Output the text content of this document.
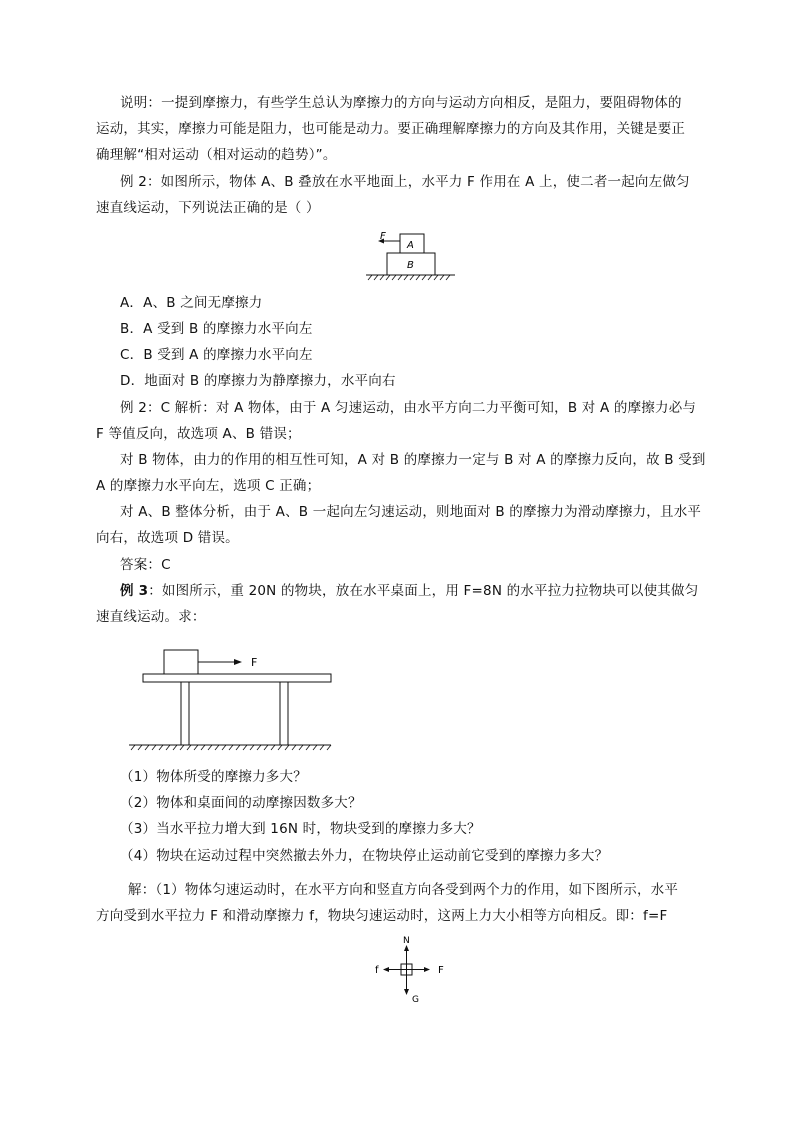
说明：一提到摩擦力，有些学生总认为摩擦力的方向与运动方向相反，是阻力，要阻碍物体的
运动，其实，摩擦力可能是阻力，也可能是动力。要正确理解摩擦力的方向及其作用，关键是要正
确理解“相对运动（相对运动的趋势）”。
例 2：如图所示，物体 A、B 叠放在水平地面上，水平力 F 作用在 A 上，使二者一起向左做匀
速直线运动，下列说法正确的是（ ）
F
A
B
A．A、B 之间无摩擦力
B．A 受到 B 的摩擦力水平向左
C．B 受到 A 的摩擦力水平向左
D．地面对 B 的摩擦力为静摩擦力，水平向右
例 2：C 解析：对 A 物体，由于 A 匀速运动，由水平方向二力平衡可知，B 对 A 的摩擦力必与
F 等值反向，故选项 A、B 错误；
对 B 物体，由力的作用的相互性可知，A 对 B 的摩擦力一定与 B 对 A 的摩擦力反向，故 B 受到
A 的摩擦力水平向左，选项 C 正确；
对 A、B 整体分析，由于 A、B 一起向左匀速运动，则地面对 B 的摩擦力为滑动摩擦力，且水平
向右，故选项 D 错误。
答案：C
例 3：如图所示，重 20N 的物块，放在水平桌面上，用 F=8N 的水平拉力拉物块可以使其做匀
速直线运动。求：
F
（1）物体所受的摩擦力多大？
（2）物体和桌面间的动摩擦因数多大？
（3）当水平拉力增大到 16N 时，物块受到的摩擦力多大？
（4）物块在运动过程中突然撤去外力，在物块停止运动前它受到的摩擦力多大？
解：（1）物体匀速运动时，在水平方向和竖直方向各受到两个力的作用，如下图所示，水平
方向受到水平拉力 F 和滑动摩擦力 f，物块匀速运动时，这两上力大小相等方向相反。即：f=F
N
G
f	F
